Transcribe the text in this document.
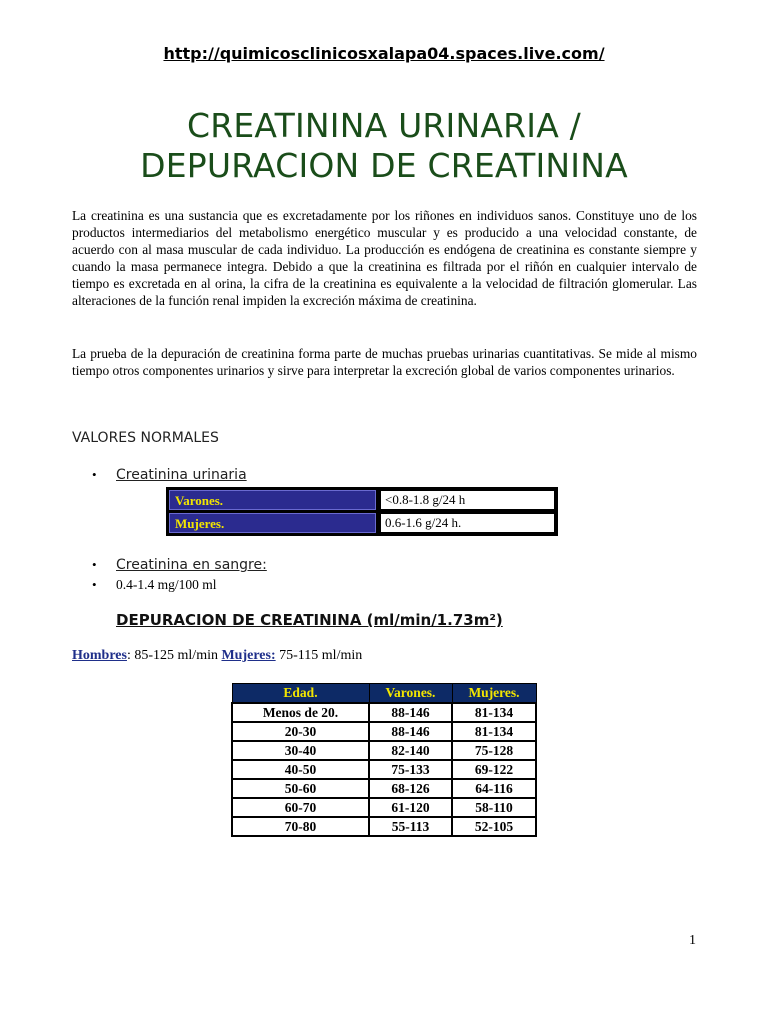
http://quimicosclinicosxalapa04.spaces.live.com/
CREATININA URINARIA /
DEPURACION DE CREATININA
La creatinina es una sustancia que es excretadamente por los riñones en individuos sanos. Constituye uno de los productos intermediarios del metabolismo energético muscular y es producido a una velocidad constante, de acuerdo con al masa muscular de cada individuo. La producción es endógena de creatinina es constante siempre y cuando la masa permanece integra. Debido a que la creatinina es filtrada por el riñón en cualquier intervalo de tiempo es excretada en al orina, la cifra de la creatinina es equivalente a la velocidad de filtración glomerular. Las alteraciones de la función renal impiden la excreción máxima de creatinina.
La prueba de la depuración de creatinina forma parte de muchas pruebas urinarias cuantitativas. Se mide al mismo tiempo otros componentes urinarios y sirve para interpretar la excreción global de varios componentes urinarios.
VALORES NORMALES
•	Creatinina urinaria
Varones.	<0.8-1.8 g/24 h
Mujeres.	0.6-1.6 g/24 h.
•	Creatinina en sangre:
•	0.4-1.4 mg/100 ml
DEPURACION DE CREATININA (ml/min/1.73m²)
Hombres: 85-125 ml/min Mujeres: 75-115 ml/min
Edad.	Varones.	Mujeres.
Menos de 20.	88-146	81-134
20-30	88-146	81-134
30-40	82-140	75-128
40-50	75-133	69-122
50-60	68-126	64-116
60-70	61-120	58-110
70-80	55-113	52-105
1
